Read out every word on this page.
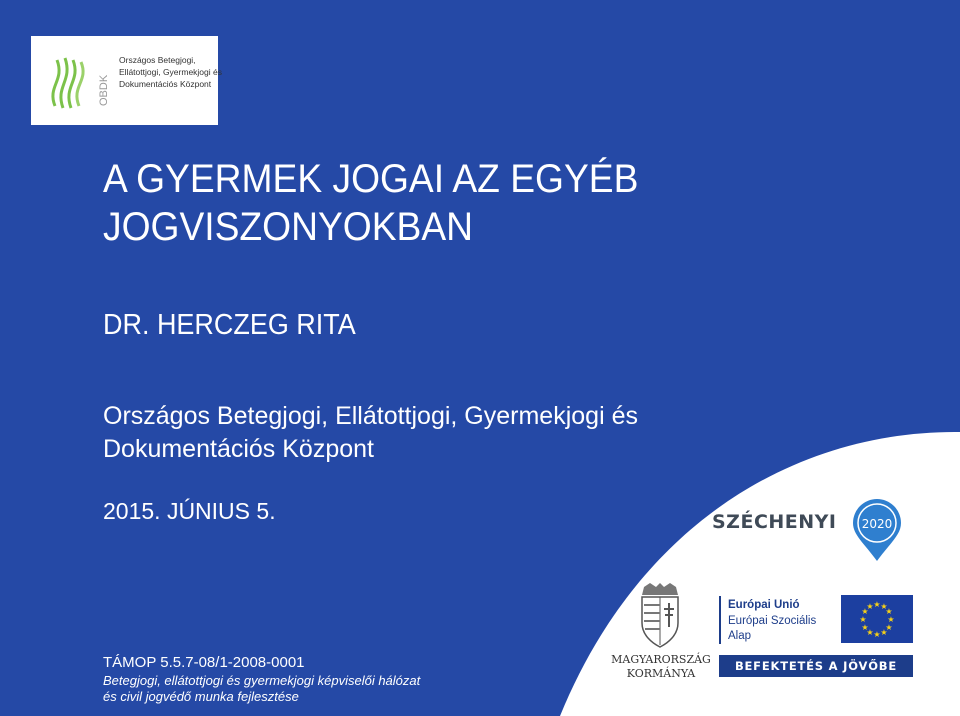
OBDK
Országos Betegjogi,
Ellátottjogi, Gyermekjogi és
Dokumentációs Központ
A GYERMEK JOGAI AZ EGYÉB
JOGVISZONYOKBAN
DR. HERCZEG RITA
Országos Betegjogi, Ellátottjogi, Gyermekjogi és
Dokumentációs Központ
2015. JÚNIUS 5.
TÁMOP 5.5.7-08/1-2008-0001
Betegjogi, ellátottjogi és gyermekjogi képviselői hálózat
és civil jogvédő munka fejlesztése
SZÉCHENYI 2020
MAGYARORSZÁG
KORMÁNYA
Európai Unió
Európai Szociális
Alap
★ ★
★
★
★
★
★
★
★
★
★
★
BEFEKTETÉS A JÖVŐBE
